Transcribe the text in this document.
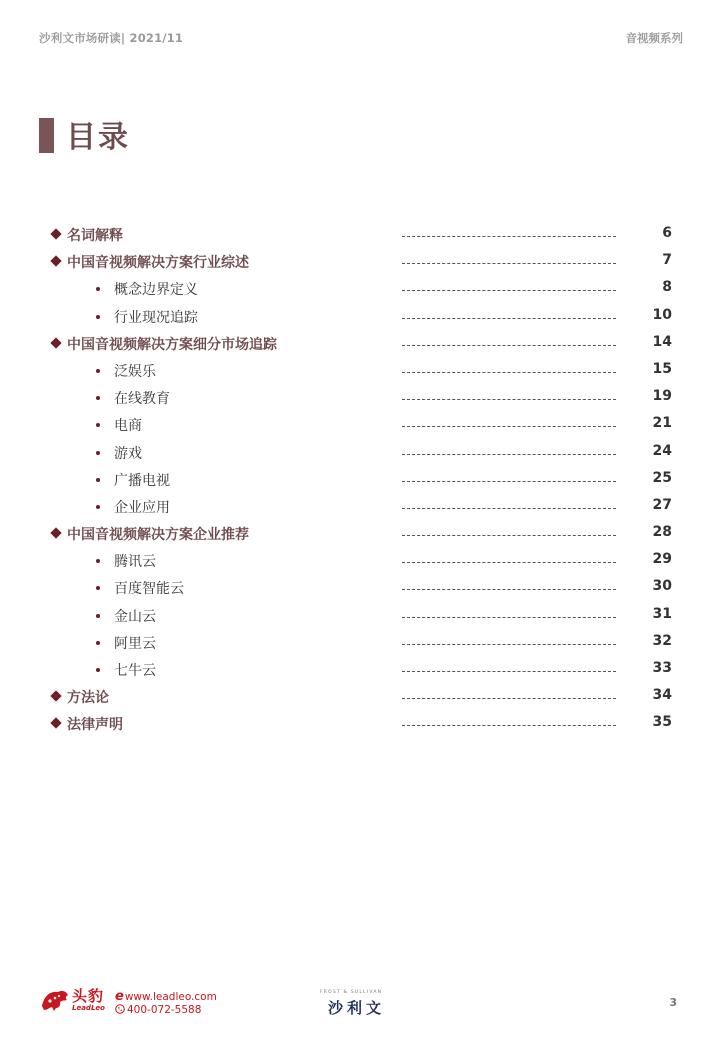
沙利文市场研读| 2021/11	音视频系列
目录
名词解释	6
中国音视频解决方案行业综述	7
概念边界定义	8
行业现况追踪	10
中国音视频解决方案细分市场追踪	14
泛娱乐	15
在线教育	19
电商	21
游戏	24
广播电视	25
企业应用	27
中国音视频解决方案企业推荐	28
腾讯云	29
百度智能云	30
金山云	31
阿里云	32
七牛云	33
方法论	34
法律声明	35
头豹
LeadLeo
ewww.leadleo.com
400-072-5588
FROST & SULLIVAN
沙利文	3
